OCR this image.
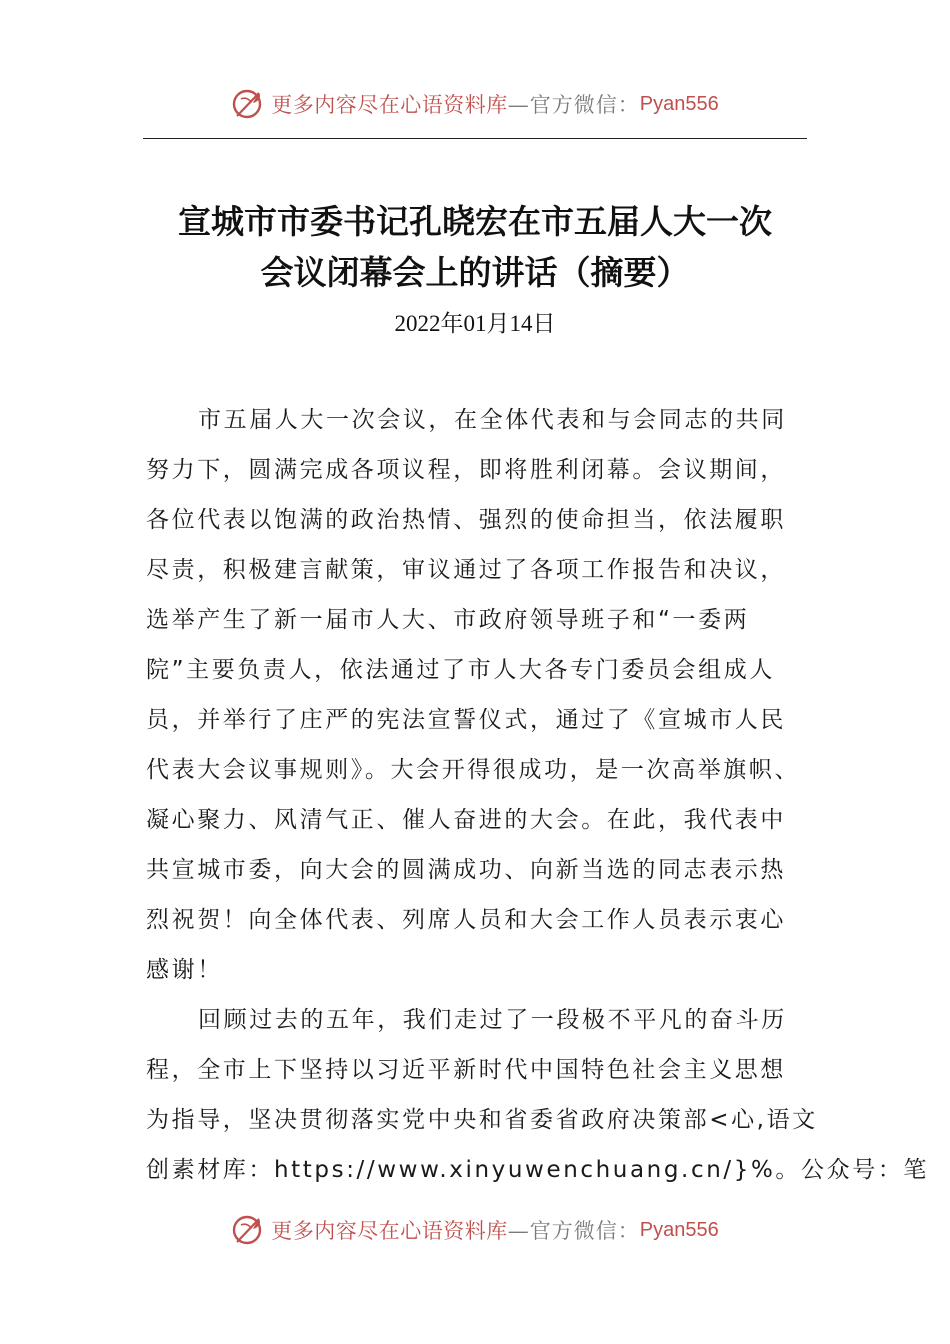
更多内容尽在心语资料库 —官方微信： Pyan556
宣城市市委书记孔晓宏在市五届人大一次
会议闭幕会上的讲话（摘要）
2022年01月14日
市五届人大一次会议，在全体代表和与会同志的共同
努力下，圆满完成各项议程，即将胜利闭幕。会议期间，
各位代表以饱满的政治热情、强烈的使命担当，依法履职
尽责，积极建言献策，审议通过了各项工作报告和决议，
选举产生了新一届市人大、市政府领导班子和“一委两
院”主要负责人，依法通过了市人大各专门委员会组成人
员，并举行了庄严的宪法宣誓仪式，通过了《宣城市人民
代表大会议事规则》。大会开得很成功，是一次高举旗帜、
凝心聚力、风清气正、催人奋进的大会。在此，我代表中
共宣城市委，向大会的圆满成功、向新当选的同志表示热
烈祝贺！向全体代表、列席人员和大会工作人员表示衷心
感谢！
回顾过去的五年，我们走过了一段极不平凡的奋斗历
程，全市上下坚持以习近平新时代中国特色社会主义思想
为指导，坚决贯彻落实党中央和省委省政府决策部<心,语文
创素材库：https://www.xinyuwenchuang.cn/}%。公众号：笔
更多内容尽在心语资料库 —官方微信： Pyan556
